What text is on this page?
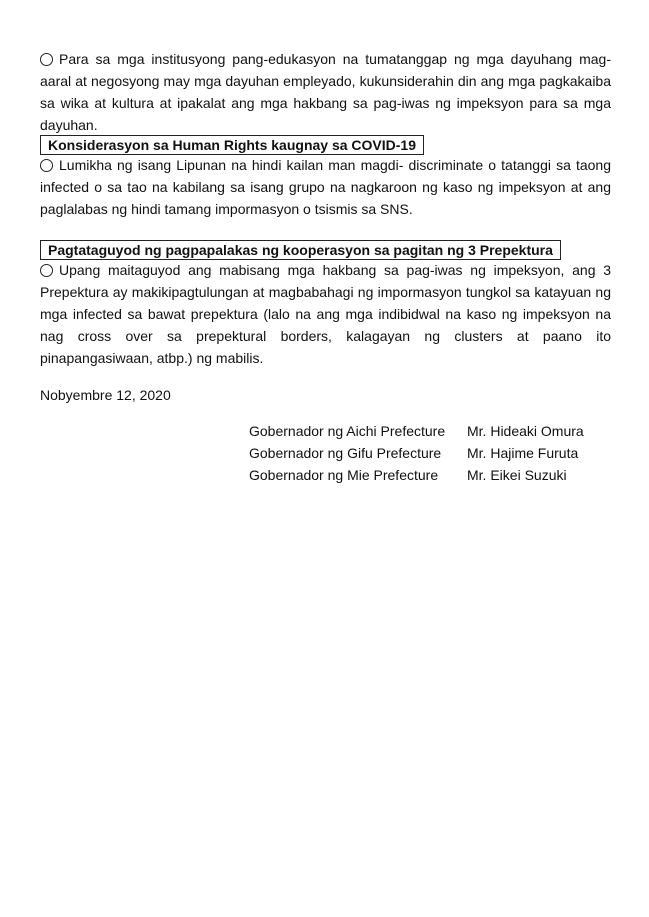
Para sa mga institusyong pang-edukasyon na tumatanggap ng mga dayuhang mag-aaral at negosyong may mga dayuhan empleyado, kukunsiderahin din ang mga pagkakaiba sa wika at kultura at ipakalat ang mga hakbang sa pag-iwas ng impeksyon para sa mga dayuhan.
Konsiderasyon sa Human Rights kaugnay sa COVID-19
Lumikha ng isang Lipunan na hindi kailan man magdi- discriminate o tatanggi sa taong infected o sa tao na kabilang sa isang grupo na nagkaroon ng kaso ng impeksyon at ang paglalabas ng hindi tamang impormasyon o tsismis sa SNS.
Pagtataguyod ng pagpapalakas ng kooperasyon sa pagitan ng 3 Prepektura
Upang maitaguyod ang mabisang mga hakbang sa pag-iwas ng impeksyon, ang 3 Prepektura ay makikipagtulungan at magbabahagi ng impormasyon tungkol sa katayuan ng mga infected sa bawat prepektura (lalo na ang mga indibidwal na kaso ng impeksyon na nag cross over sa prepektural borders, kalagayan ng clusters at paano ito pinapangasiwaan, atbp.) ng mabilis.
Nobyembre 12, 2020
Gobernador ng Aichi Prefecture Mr. Hideaki Omura
Gobernador ng Gifu Prefecture Mr. Hajime Furuta
Gobernador ng Mie Prefecture Mr. Eikei Suzuki
